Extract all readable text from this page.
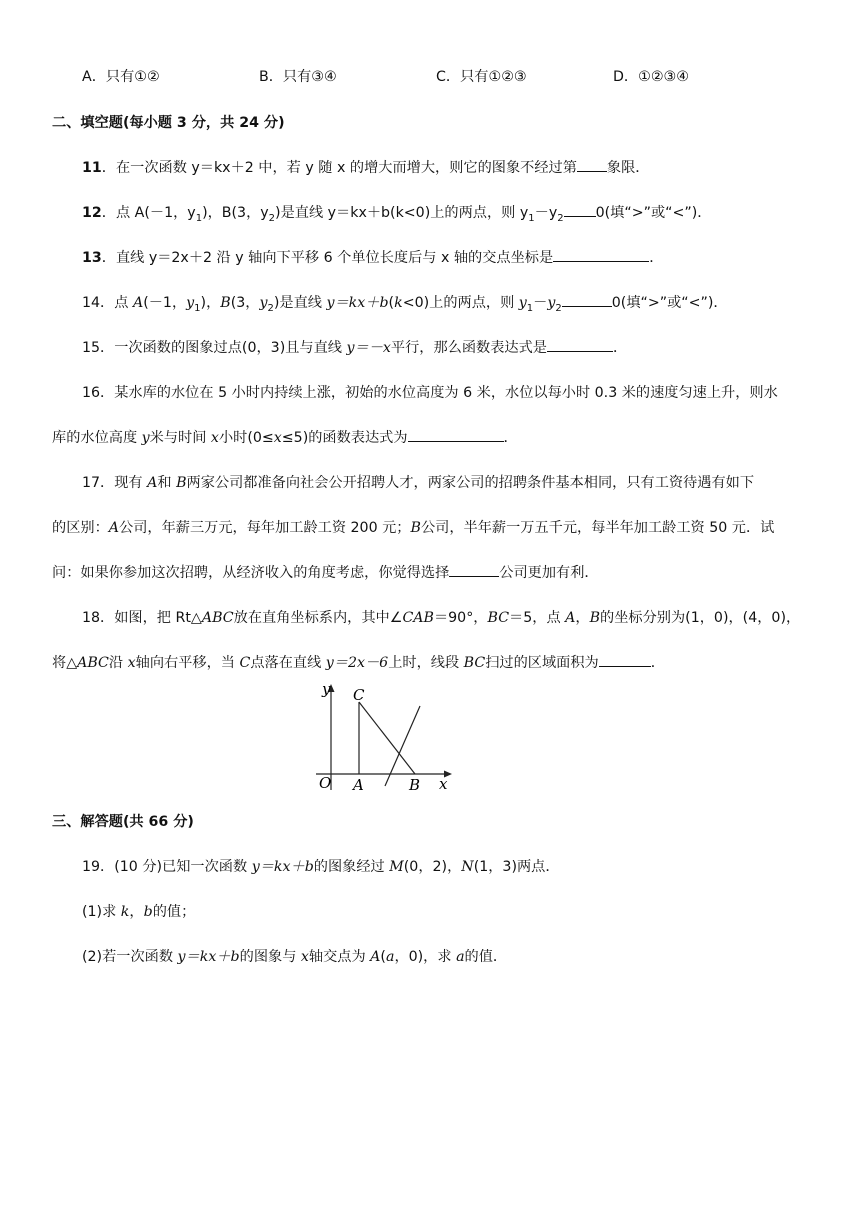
A．只有①②	B．只有③④	C．只有①②③	D．①②③④
二、填空题(每小题 3 分，共 24 分)
11．在一次函数 y＝kx＋2 中，若 y 随 x 的增大而增大，则它的图象不经过第 象限．
12．点 A(－1，$y_1$)，B(3，$y_2$)是直线 y＝kx＋b(k<0)上的两点，则 $y_1-y_2$ 0(填“>”或“<”)．
13．直线 y＝2x＋2 沿 y 轴向下平移 6 个单位长度后与 x 轴的交点坐标是	．
14．点 A(－1，$y_1$)，B(3，$y_2$)是直线 y＝kx＋b(k<0)上的两点，则 $y_1-y_2$	0(填“>”或“<”)．
15．一次函数的图象过点(0，3)且与直线 y＝－x平行，那么函数表达式是	．
16．某水库的水位在 5 小时内持续上涨，初始的水位高度为 6 米，水位以每小时 0.3 米的速度匀速上升，则水
库的水位高度 y米与时间 x小时(0≤x≤5)的函数表达式为	．
17．现有 A和 B两家公司都准备向社会公开招聘人才，两家公司的招聘条件基本相同，只有工资待遇有如下
的区别：A公司，年薪三万元，每年加工龄工资 200 元；B公司，半年薪一万五千元，每半年加工龄工资 50 元．试
问：如果你参加这次招聘，从经济收入的角度考虑，你觉得选择	公司更加有利．
18．如图，把 Rt△ABC放在直角坐标系内，其中∠CAB＝90°，BC＝5，点 A，B的坐标分别为(1，0)，(4，0)，
将△ABC沿 x轴向右平移，当 C点落在直线 y＝2x－6上时，线段 BC扫过的区域面积为	．
y C
O A	B x
三、解答题(共 66 分)
19．(10 分)已知一次函数 y＝kx＋b的图象经过 M(0，2)，N(1，3)两点．
(1)求 k，b的值；
(2)若一次函数 y＝kx＋b的图象与 x轴交点为 A(a，0)，求 a的值．
